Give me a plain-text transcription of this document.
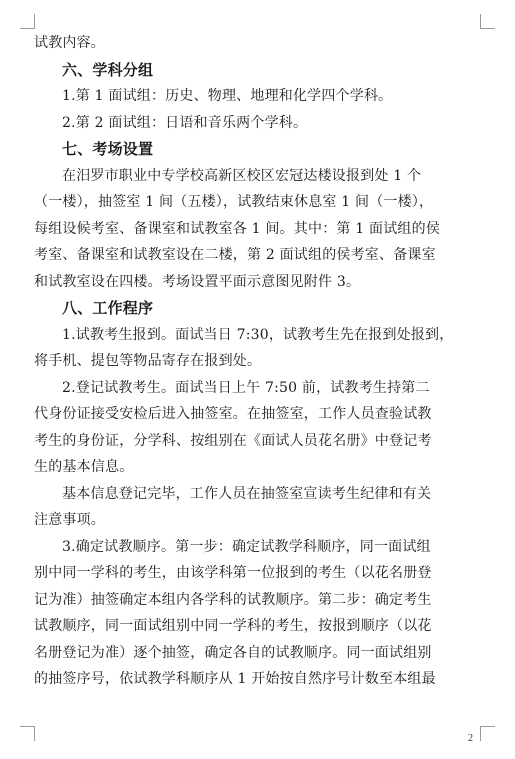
试教内容。
六、学科分组
1.第 1 面试组：历史、物理、地理和化学四个学科。
2.第 2 面试组：日语和音乐两个学科。
七、考场设置
在汨罗市职业中专学校高新区校区宏冠达楼设报到处 1 个
（一楼），抽签室 1 间（五楼），试教结束休息室 1 间（一楼），
每组设候考室、备课室和试教室各 1 间。其中：第 1 面试组的侯
考室、备课室和试教室设在二楼，第 2 面试组的侯考室、备课室
和试教室设在四楼。考场设置平面示意图见附件 3。
八、工作程序
1.试教考生报到。面试当日 7:30，试教考生先在报到处报到，
将手机、提包等物品寄存在报到处。
2.登记试教考生。面试当日上午 7:50 前，试教考生持第二
代身份证接受安检后进入抽签室。在抽签室，工作人员查验试教
考生的身份证，分学科、按组别在《面试人员花名册》中登记考
生的基本信息。
基本信息登记完毕，工作人员在抽签室宣读考生纪律和有关
注意事项。
3.确定试教顺序。第一步：确定试教学科顺序，同一面试组
别中同一学科的考生，由该学科第一位报到的考生（以花名册登
记为准）抽签确定本组内各学科的试教顺序。第二步：确定考生
试教顺序，同一面试组别中同一学科的考生，按报到顺序（以花
名册登记为准）逐个抽签，确定各自的试教顺序。同一面试组别
的抽签序号，依试教学科顺序从 1 开始按自然序号计数至本组最
2
